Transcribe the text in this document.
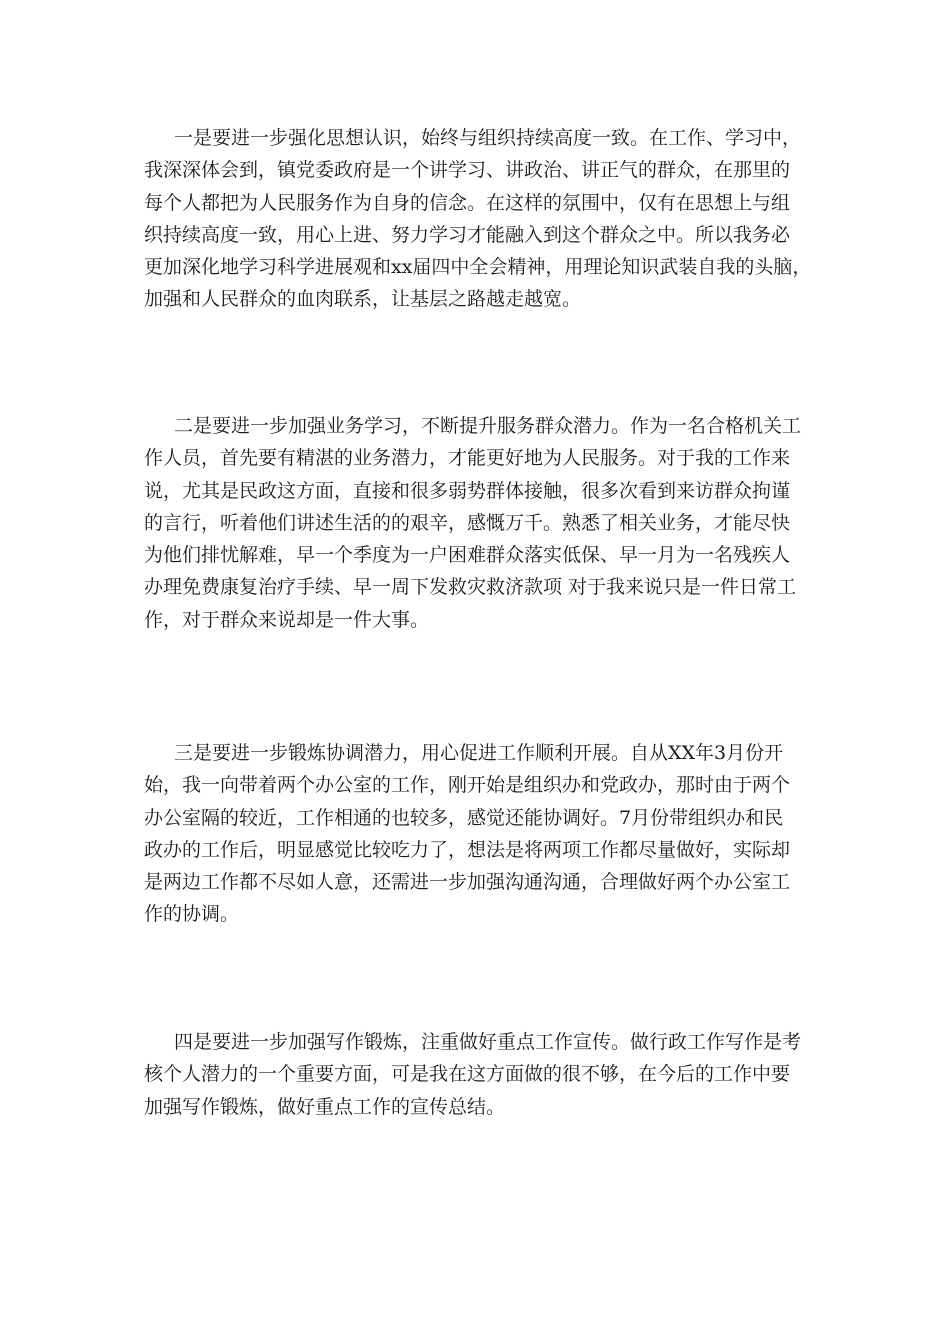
一是要进一步强化思想认识，始终与组织持续高度一致。在工作、学习中，
我深深体会到，镇党委政府是一个讲学习、讲政治、讲正气的群众，在那里的
每个人都把为人民服务作为自身的信念。在这样的氛围中，仅有在思想上与组
织持续高度一致，用心上进、努力学习才能融入到这个群众之中。所以我务必
更加深化地学习科学进展观和xx届四中全会精神，用理论知识武装自我的头脑，
加强和人民群众的血肉联系，让基层之路越走越宽。
二是要进一步加强业务学习，不断提升服务群众潜力。作为一名合格机关工
作人员，首先要有精湛的业务潜力，才能更好地为人民服务。对于我的工作来
说，尤其是民政这方面，直接和很多弱势群体接触，很多次看到来访群众拘谨
的言行，听着他们讲述生活的的艰辛，感慨万千。熟悉了相关业务，才能尽快
为他们排忧解难，早一个季度为一户困难群众落实低保、早一月为一名残疾人
办理免费康复治疗手续、早一周下发救灾救济款项 对于我来说只是一件日常工
作，对于群众来说却是一件大事。
三是要进一步锻炼协调潜力，用心促进工作顺利开展。自从XX年3月份开
始，我一向带着两个办公室的工作，刚开始是组织办和党政办，那时由于两个
办公室隔的较近，工作相通的也较多，感觉还能协调好。7月份带组织办和民
政办的工作后，明显感觉比较吃力了，想法是将两项工作都尽量做好，实际却
是两边工作都不尽如人意，还需进一步加强沟通沟通，合理做好两个办公室工
作的协调。
四是要进一步加强写作锻炼，注重做好重点工作宣传。做行政工作写作是考
核个人潜力的一个重要方面，可是我在这方面做的很不够，在今后的工作中要
加强写作锻炼，做好重点工作的宣传总结。
